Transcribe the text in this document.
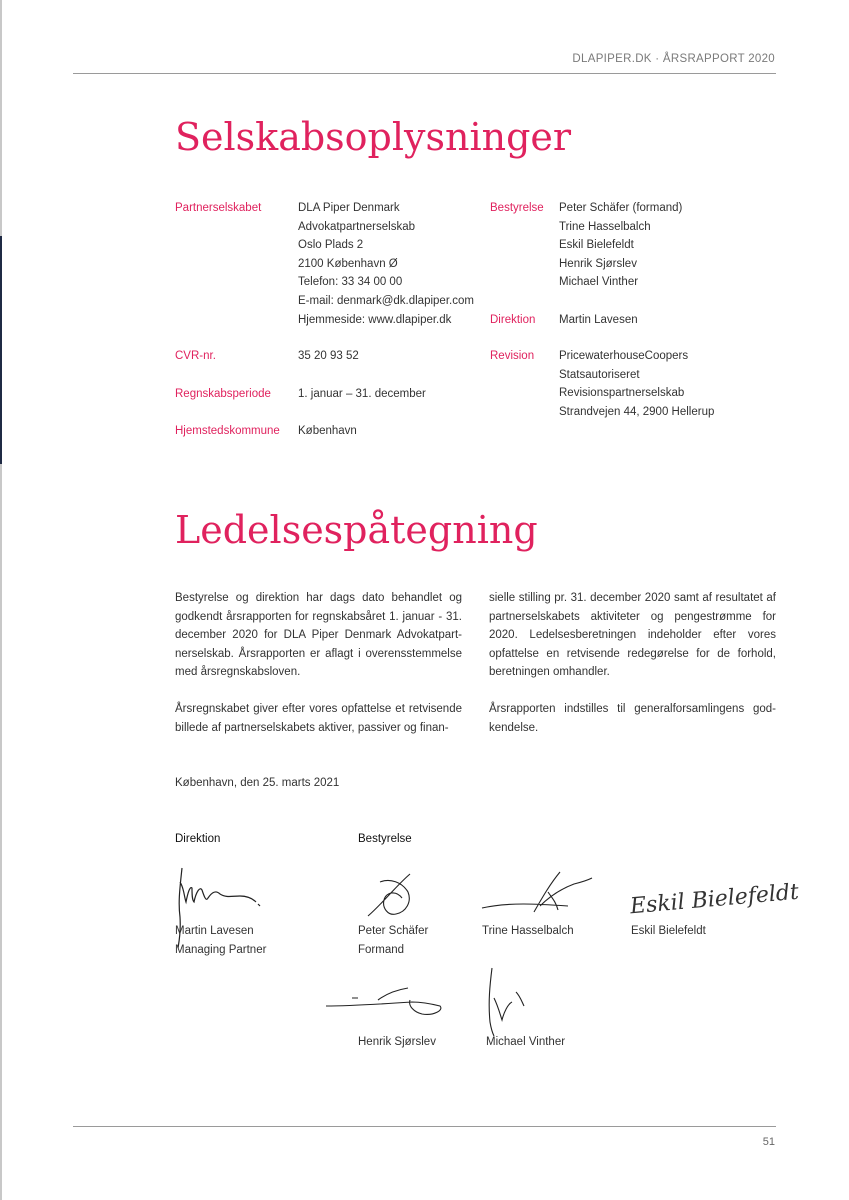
DLAPIPER.DK · ÅRSRAPPORT 2020
Selskabsoplysninger
Partnerselskabet	DLA Piper Denmark
Advokatpartnerselskab
Oslo Plads 2
2100 København Ø
Telefon: 33 34 00 00
E-mail: denmark@dk.dlapiper.com
Hjemmeside: www.dlapiper.dk
CVR-nr.	35 20 93 52
Regnskabsperiode 1. januar – 31. december
Hjemstedskommune København
Bestyrelse Peter Schäfer (formand)
Trine Hasselbalch
Eskil Bielefeldt
Henrik Sjørslev
Michael Vinther
Direktion Martin Lavesen
Revision PricewaterhouseCoopers
Statsautoriseret
Revisionspartnerselskab
Strandvejen 44, 2900 Hellerup
Ledelsespåtegning

Bestyrelse og direktion har dags dato behandlet og godkendt årsrapporten for regnskabsåret 1. januar - 31. december 2020 for DLA Piper Denmark Advokatpart-nerselskab. Årsrapporten er aflagt i overensstemmelse med årsregnskabsloven.

Årsregnskabet giver efter vores opfattelse et retvisende billede af partnerselskabets aktiver, passiver og finan-

sielle stilling pr. 31. december 2020 samt af resultatet af partnerselskabets aktiviteter og pengestrømme for 2020. Ledelsesberetningen indeholder efter vores opfattelse en retvisende redegørelse for de forhold, beretningen omhandler.

Årsrapporten indstilles til generalforsamlingens god-kendelse.

København, den 25. marts 2021
Direktion	Bestyrelse
Eskil Bielefeldt
Martin Lavesen
Managing Partner
Peter Schäfer
Formand
Trine Hasselbalch	Eskil Bielefeldt
Henrik Sjørslev	Michael Vinther
51
